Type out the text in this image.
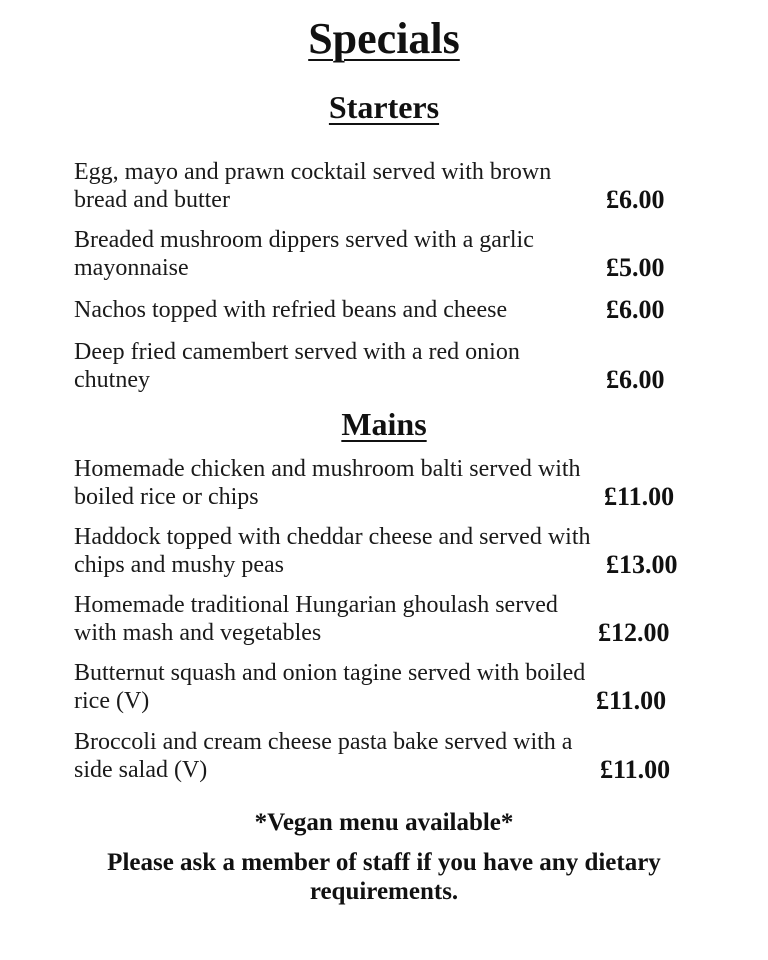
Specials
Starters
Egg, mayo and prawn cocktail served with brown
bread and butter	£6.00
Breaded mushroom dippers served with a garlic
mayonnaise	£5.00
Nachos topped with refried beans and cheese	£6.00
Deep fried camembert served with a red onion
chutney	£6.00
Mains
Homemade chicken and mushroom balti served with
boiled rice or chips	£11.00
Haddock topped with cheddar cheese and served with
chips and mushy peas	£13.00
Homemade traditional Hungarian ghoulash served
with mash and vegetables	£12.00
Butternut squash and onion tagine served with boiled
rice (V)	£11.00
Broccoli and cream cheese pasta bake served with a
side salad (V)	£11.00
*Vegan menu available*
Please ask a member of staff if you have any dietary requirements.
